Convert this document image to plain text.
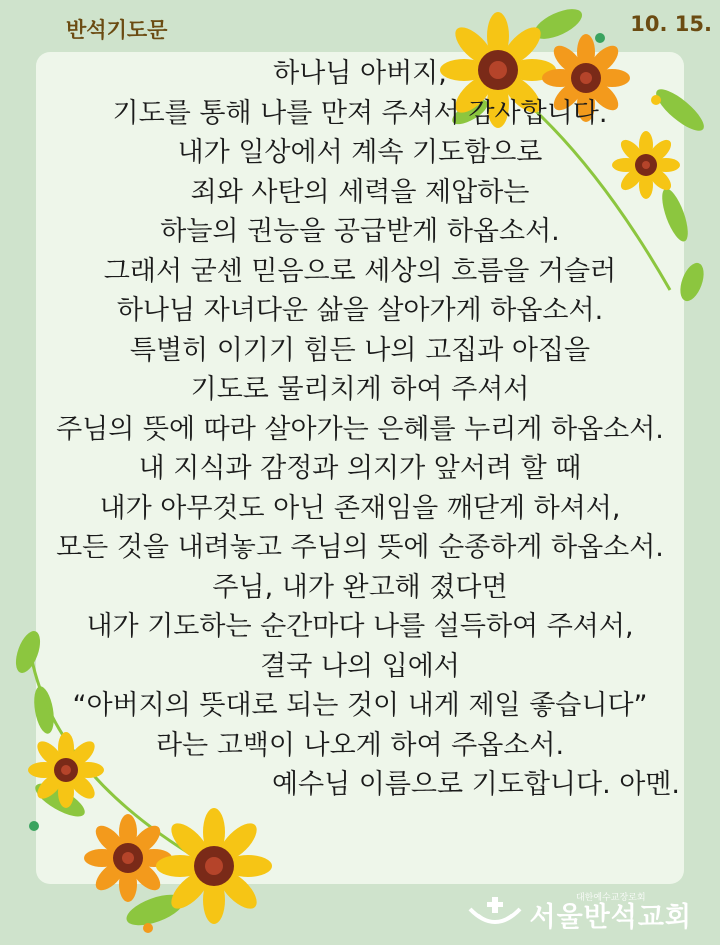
반석기도문	10. 15.
하나님 아버지,
기도를 통해 나를 만져 주셔서 감사합니다.
내가 일상에서 계속 기도함으로
죄와 사탄의 세력을 제압하는
하늘의 권능을 공급받게 하옵소서.
그래서 굳센 믿음으로 세상의 흐름을 거슬러
하나님 자녀다운 삶을 살아가게 하옵소서.
특별히 이기기 힘든 나의 고집과 아집을
기도로 물리치게 하여 주셔서
주님의 뜻에 따라 살아가는 은혜를 누리게 하옵소서.
내 지식과 감정과 의지가 앞서려 할 때
내가 아무것도 아닌 존재임을 깨닫게 하셔서,
모든 것을 내려놓고 주님의 뜻에 순종하게 하옵소서.
주님, 내가 완고해 졌다면
내가 기도하는 순간마다 나를 설득하여 주셔서,
결국 나의 입에서
“아버지의 뜻대로 되는 것이 내게 제일 좋습니다”
라는 고백이 나오게 하여 주옵소서.
예수님 이름으로 기도합니다. 아멘.
대한예수교장로회
서울반석교회
